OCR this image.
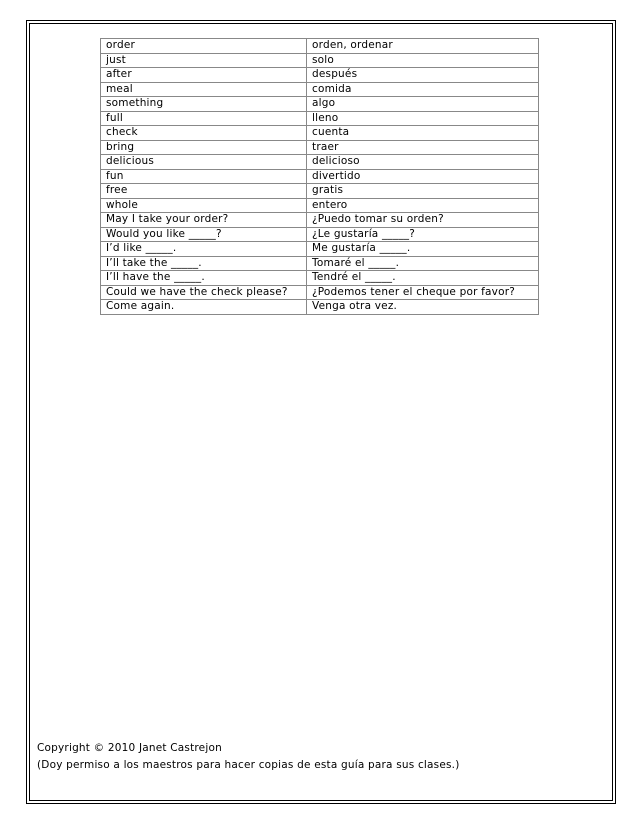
order	orden, ordenar
just	solo
after	después
meal	comida
something	algo
full	lleno
check	cuenta
bring	traer
delicious	delicioso
fun	divertido
free	gratis
whole	entero
May I take your order?	¿Puedo tomar su orden?
Would you like _____?	¿Le gustaría _____?
I’d like _____.	Me gustaría _____.
I’ll take the _____.	Tomaré el _____.
I’ll have the _____.	Tendré el _____.
Could we have the check please?	¿Podemos tener el cheque por favor?
Come again.	Venga otra vez.
Copyright © 2010 Janet Castrejon
(Doy permiso a los maestros para hacer copias de esta guía para sus clases.)
